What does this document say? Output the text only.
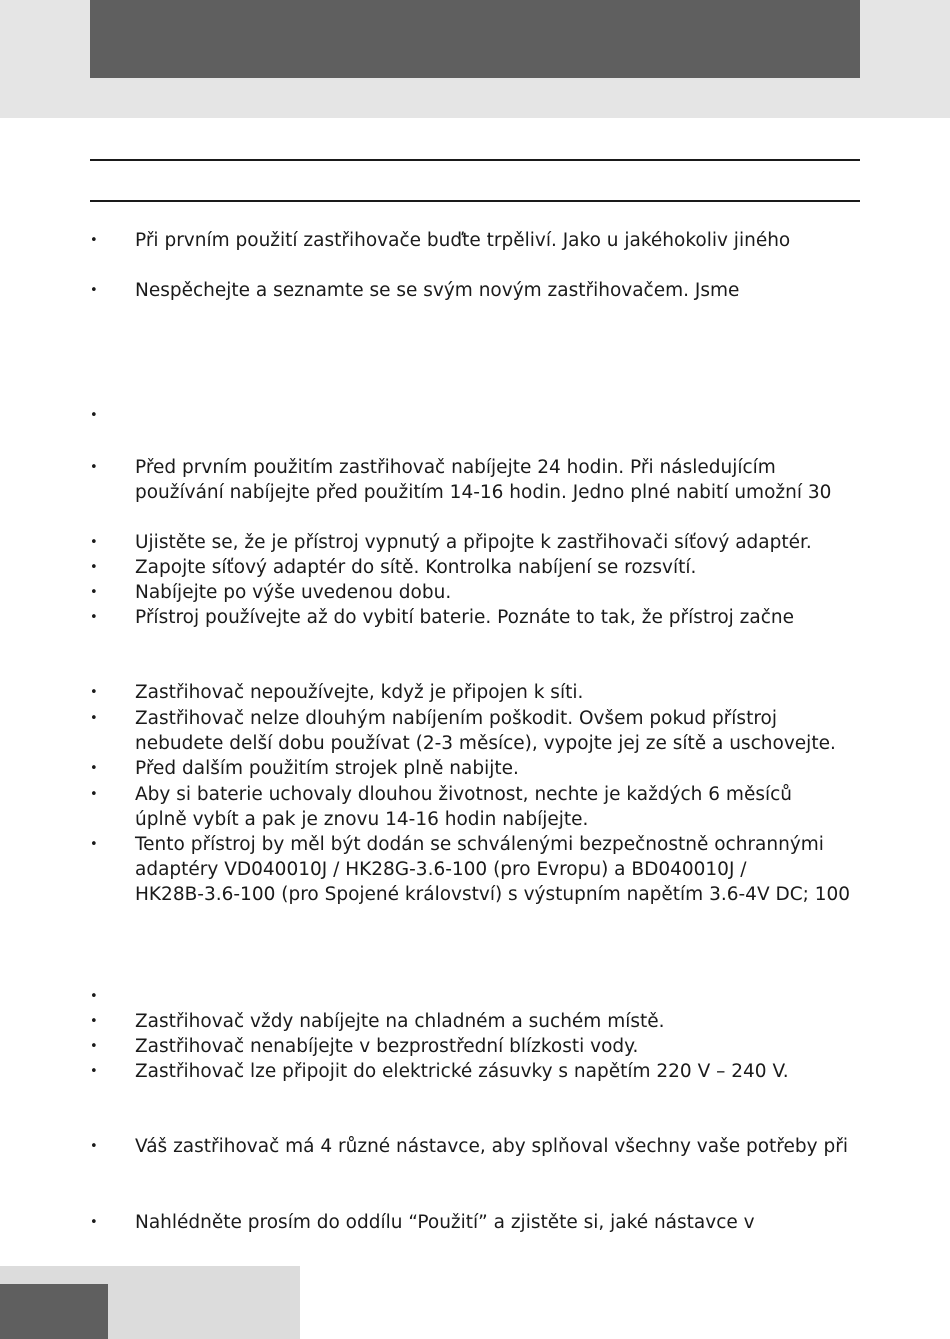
• Při prvním použití zastřihovače buďte trpěliví. Jako u jakéhokoliv jiného
• Nespěchejte a seznamte se se svým novým zastřihovačem. Jsme
•
• Před prvním použitím zastřihovač nabíjejte 24 hodin. Při následujícím
používání nabíjejte před použitím 14-16 hodin. Jedno plné nabití umožní 30
• Ujistěte se, že je přístroj vypnutý a připojte k zastřihovači síťový adaptér.
• Zapojte síťový adaptér do sítě. Kontrolka nabíjení se rozsvítí.
• Nabíjejte po výše uvedenou dobu.
• Přístroj používejte až do vybití baterie. Poznáte to tak, že přístroj začne
• Zastřihovač nepoužívejte, když je připojen k síti.
• Zastřihovač nelze dlouhým nabíjením poškodit. Ovšem pokud přístroj
nebudete delší dobu používat (2-3 měsíce), vypojte jej ze sítě a uschovejte.
• Před dalším použitím strojek plně nabijte.
• Aby si baterie uchovaly dlouhou životnost, nechte je každých 6 měsíců
úplně vybít a pak je znovu 14-16 hodin nabíjejte.
• Tento přístroj by měl být dodán se schválenými bezpečnostně ochrannými
adaptéry VD040010J / HK28G-3.6-100 (pro Evropu) a BD040010J /
HK28B-3.6-100 (pro Spojené království) s výstupním napětím 3.6-4V DC; 100
•
• Zastřihovač vždy nabíjejte na chladném a suchém místě.
• Zastřihovač nenabíjejte v bezprostřední blízkosti vody.
• Zastřihovač lze připojit do elektrické zásuvky s napětím 220 V – 240 V.
• Váš zastřihovač má 4 různé nástavce, aby splňoval všechny vaše potřeby při
• Nahlédněte prosím do oddílu “Použití” a zjistěte si, jaké nástavce v
